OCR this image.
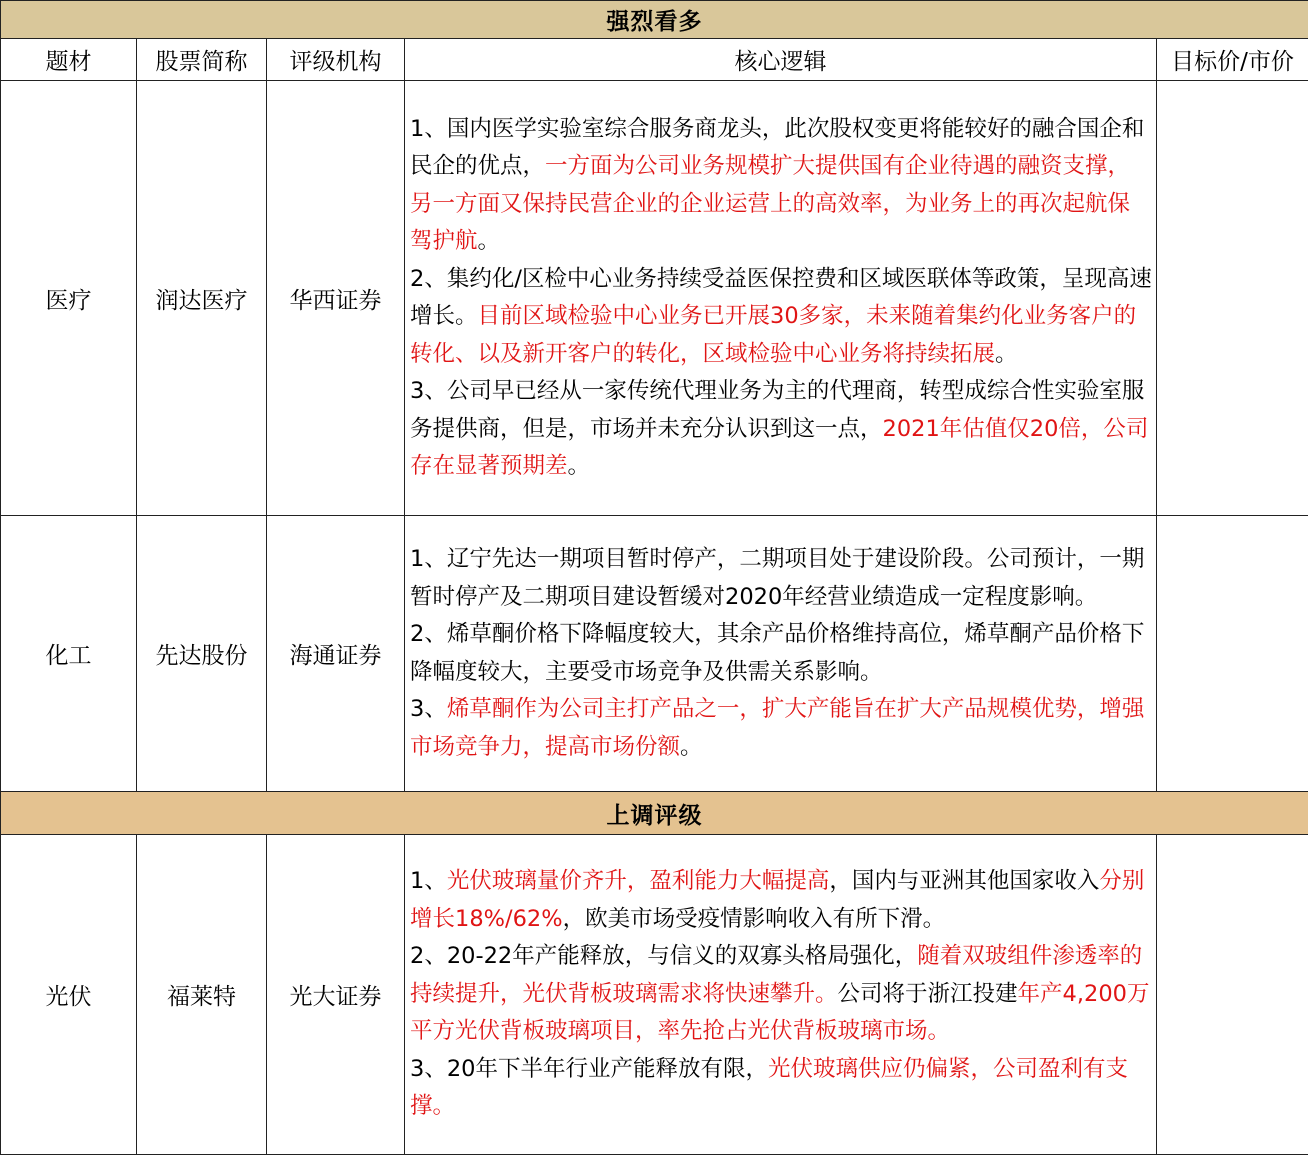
强烈看多				
题材	股票简称	评级机构	核心逻辑	目标价/市价
医疗	润达医疗	华西证券	1、国内医学实验室综合服务商龙头，此次股权变更将能较好的融合国企和民企的优点，一方面为公司业务规模扩大提供国有企业待遇的融资支撑，另一方面又保持民营企业的企业运营上的高效率，为业务上的再次起航保驾护航。

2、集约化/区检中心业务持续受益医保控费和区域医联体等政策，呈现高速增长。目前区域检验中心业务已开展30多家，未来随着集约化业务客户的转化、以及新开客户的转化，区域检验中心业务将持续拓展。

3、公司早已经从一家传统代理业务为主的代理商，转型成综合性实验室服务提供商，但是，市场并未充分认识到这一点，2021年估值仅20倍，公司存在显著预期差。	

化工	先达股份	海通证券	1、辽宁先达一期项目暂时停产，二期项目处于建设阶段。公司预计，一期暂时停产及二期项目建设暂缓对2020年经营业绩造成一定程度影响。

2、烯草酮价格下降幅度较大，其余产品价格维持高位，烯草酮产品价格下降幅度较大，主要受市场竞争及供需关系影响。

3、烯草酮作为公司主打产品之一，扩大产能旨在扩大产品规模优势，增强市场竞争力，提高市场份额。	

上调评级				
光伏	福莱特	光大证券	1、光伏玻璃量价齐升，盈利能力大幅提高，国内与亚洲其他国家收入分别增长18%/62%，欧美市场受疫情影响收入有所下滑。

2、20-22年产能释放，与信义的双寡头格局强化，随着双玻组件渗透率的持续提升，光伏背板玻璃需求将快速攀升。公司将于浙江投建年产4,200万平方光伏背板玻璃项目，率先抢占光伏背板玻璃市场。

3、20年下半年行业产能释放有限，光伏玻璃供应仍偏紧，公司盈利有支撑。	
